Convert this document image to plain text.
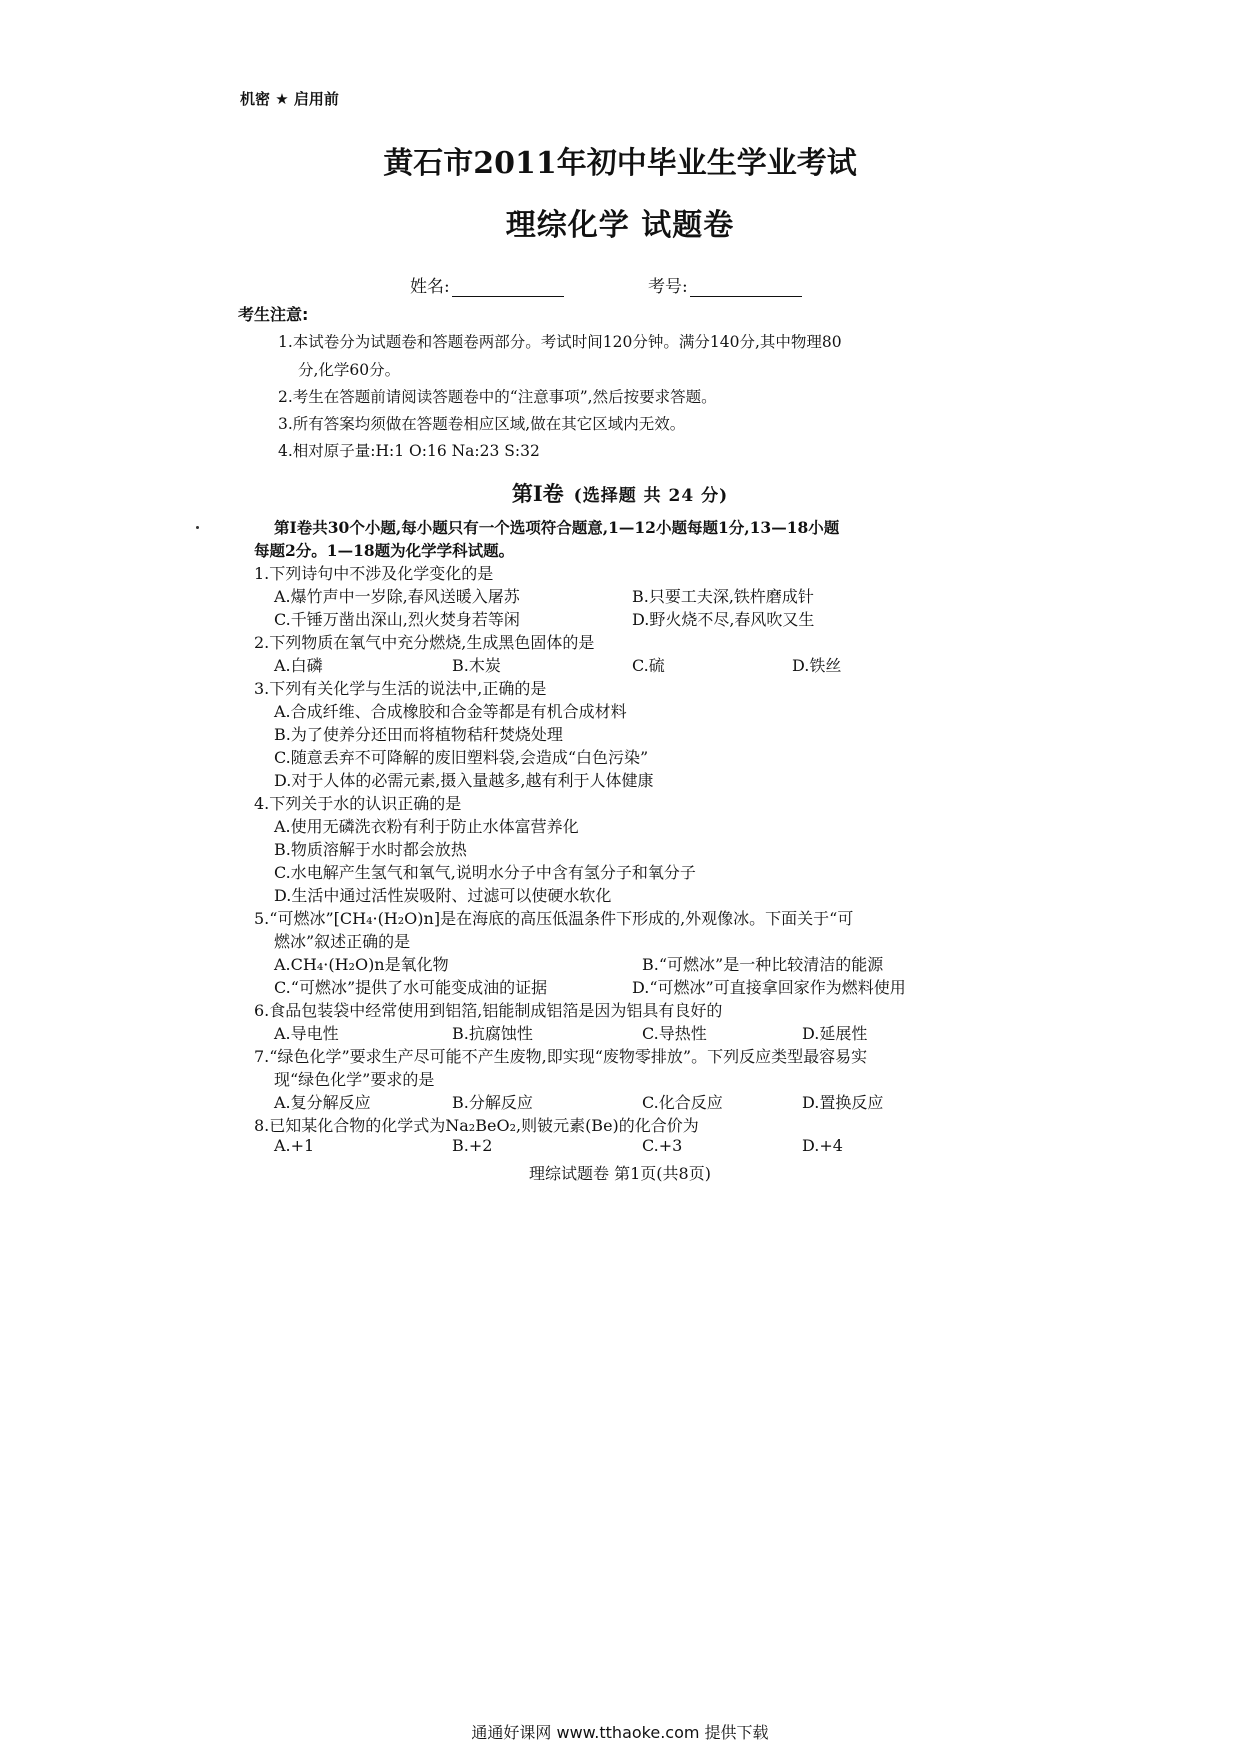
机密 ★ 启用前
黄石市2011年初中毕业生学业考试
理综化学 试题卷
姓名:	考号:
考生注意:
1.本试卷分为试题卷和答题卷两部分。考试时间120分钟。满分140分,其中物理80
分,化学60分。
2.考生在答题前请阅读答题卷中的“注意事项”,然后按要求答题。
3.所有答案均须做在答题卷相应区域,做在其它区域内无效。
4.相对原子量:H:1 O:16 Na:23 S:32
第Ⅰ卷 (选择题 共 24 分)
第Ⅰ卷共30个小题,每小题只有一个选项符合题意,1—12小题每题1分,13—18小题
每题2分。1—18题为化学学科试题。
1.下列诗句中不涉及化学变化的是
A.爆竹声中一岁除,春风送暖入屠苏	B.只要工夫深,铁杵磨成针
C.千锤万凿出深山,烈火焚身若等闲	D.野火烧不尽,春风吹又生
2.下列物质在氧气中充分燃烧,生成黑色固体的是
A.白磷	B.木炭	C.硫	D.铁丝
3.下列有关化学与生活的说法中,正确的是
A.合成纤维、合成橡胶和合金等都是有机合成材料
B.为了使养分还田而将植物秸秆焚烧处理
C.随意丢弃不可降解的废旧塑料袋,会造成“白色污染”
D.对于人体的必需元素,摄入量越多,越有利于人体健康
4.下列关于水的认识正确的是
A.使用无磷洗衣粉有利于防止水体富营养化
B.物质溶解于水时都会放热
C.水电解产生氢气和氧气,说明水分子中含有氢分子和氧分子
D.生活中通过活性炭吸附、过滤可以使硬水软化
5.“可燃冰”[CH₄·(H₂O)n]是在海底的高压低温条件下形成的,外观像冰。下面关于“可
燃冰”叙述正确的是
A.CH₄·(H₂O)n是氧化物	B.“可燃冰”是一种比较清洁的能源
C.“可燃冰”提供了水可能变成油的证据	D.“可燃冰”可直接拿回家作为燃料使用
6.食品包装袋中经常使用到铝箔,铝能制成铝箔是因为铝具有良好的
A.导电性	B.抗腐蚀性	C.导热性	D.延展性
7.“绿色化学”要求生产尽可能不产生废物,即实现“废物零排放”。下列反应类型最容易实
现“绿色化学”要求的是
A.复分解反应	B.分解反应	C.化合反应	D.置换反应
8.已知某化合物的化学式为Na₂BeO₂,则铍元素(Be)的化合价为
A.+1	B.+2	C.+3	D.+4
理综试题卷 第1页(共8页)
通通好课网 www.tthaoke.com 提供下载
